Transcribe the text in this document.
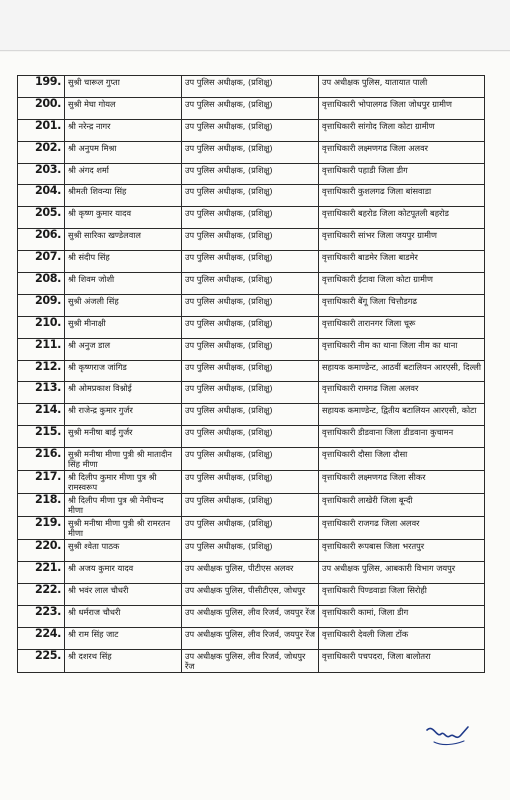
199.	सुश्री चारूल गुप्ता	उप पुलिस अधीक्षक, (प्रशिक्षु)	उप अधीक्षक पुलिस, यातायात पाली
200.	सुश्री मेघा गोयल	उप पुलिस अधीक्षक, (प्रशिक्षु)	वृत्ताधिकारी भोपालगढ जिला जोधपुर ग्रामीण
201.	श्री नरेन्द्र नागर	उप पुलिस अधीक्षक, (प्रशिक्षु)	वृत्ताधिकारी सांगोद जिला कोटा ग्रामीण
202.	श्री अनुपम मिश्रा	उप पुलिस अधीक्षक, (प्रशिक्षु)	वृत्ताधिकारी लक्ष्मणगढ जिला अलवर
203.	श्री अंगद शर्मा	उप पुलिस अधीक्षक, (प्रशिक्षु)	वृत्ताधिकारी पहाडी जिला डीग
204.	श्रीमती शिवन्या सिंह	उप पुलिस अधीक्षक, (प्रशिक्षु)	वृत्ताधिकारी कुशलगढ जिला बांसवाडा
205.	श्री कृष्ण कुमार यादव	उप पुलिस अधीक्षक, (प्रशिक्षु)	वृत्ताधिकारी बहरोड जिला कोटपूतली बहरोड
206.	सुश्री सारिका खण्डेलवाल	उप पुलिस अधीक्षक, (प्रशिक्षु)	वृत्ताधिकारी सांभर जिला जयपुर ग्रामीण
207.	श्री संदीप सिंह	उप पुलिस अधीक्षक, (प्रशिक्षु)	वृत्ताधिकारी बाडमेर जिला बाडमेर
208.	श्री शिवम जोशी	उप पुलिस अधीक्षक, (प्रशिक्षु)	वृत्ताधिकारी ईटावा जिला कोटा ग्रामीण
209.	सुश्री अंजली सिंह	उप पुलिस अधीक्षक, (प्रशिक्षु)	वृत्ताधिकारी बेंगू जिला चित्तौडगढ
210.	सुश्री मीनाक्षी	उप पुलिस अधीक्षक, (प्रशिक्षु)	वृत्ताधिकारी तारानगर जिला चूरू
211.	श्री अनुज डाल	उप पुलिस अधीक्षक, (प्रशिक्षु)	वृत्ताधिकारी नीम का थाना जिला नीम का थाना
212.	श्री कृष्णराज जांगिड	उप पुलिस अधीक्षक, (प्रशिक्षु)	सहायक कमाण्डेन्ट, आठवीं बटालियन आरएसी, दिल्ली
213.	श्री ओमप्रकाश विश्नोई	उप पुलिस अधीक्षक, (प्रशिक्षु)	वृत्ताधिकारी रामगढ जिला अलवर
214.	श्री राजेन्द्र कुमार गुर्जर	उप पुलिस अधीक्षक, (प्रशिक्षु)	सहायक कमाण्डेन्ट, द्वितीय बटालियन आरएसी, कोटा
215.	सुश्री मनीषा बाई गुर्जर	उप पुलिस अधीक्षक, (प्रशिक्षु)	वृत्ताधिकारी डीडवाना जिला डीडवाना कुचामन
216.	सुश्री मनीषा मीणा पुत्री श्री मातादीन सिंह मीणा	उप पुलिस अधीक्षक, (प्रशिक्षु)	वृत्ताधिकारी दौसा जिला दौसा
217.	श्री दिलीप कुमार मीणा पुत्र श्री रामस्वरूप	उप पुलिस अधीक्षक, (प्रशिक्षु)	वृत्ताधिकारी लक्ष्मणगढ जिला सीकर
218.	श्री दिलीप मीणा पुत्र श्री नेमीचन्द मीणा	उप पुलिस अधीक्षक, (प्रशिक्षु)	वृत्ताधिकारी लाखेरी जिला बून्दी
219.	सुश्री मनीषा मीणा पुत्री श्री रामरतन मीणा	उप पुलिस अधीक्षक, (प्रशिक्षु)	वृत्ताधिकारी राजगढ जिला अलवर
220.	सुश्री श्वेता पाठक	उप पुलिस अधीक्षक, (प्रशिक्षु)	वृत्ताधिकारी रूपबास जिला भरतपुर
221.	श्री अजय कुमार यादव	उप अधीक्षक पुलिस, पीटीएस अलवर	उप अधीक्षक पुलिस, आबकारी विभाग जयपुर
222.	श्री भवंर लाल चौधरी	उप अधीक्षक पुलिस, पीसीटीएस, जोधपुर	वृत्ताधिकारी पिण्डवाडा जिला सिरोही
223.	श्री धर्मराज चौधरी	उप अधीक्षक पुलिस, लीव रिजर्व, जयपुर रेंज	वृत्ताधिकारी कामां, जिला डीग
224.	श्री राम सिंह जाट	उप अधीक्षक पुलिस, लीव रिजर्व, जयपुर रेंज	वृत्ताधिकारी देवली जिला टोंक
225.	श्री दशरथ सिंह	उप अधीक्षक पुलिस, लीव रिजर्व, जोधपुर रेंज	वृत्ताधिकारी पचपदरा, जिला बालोतरा
